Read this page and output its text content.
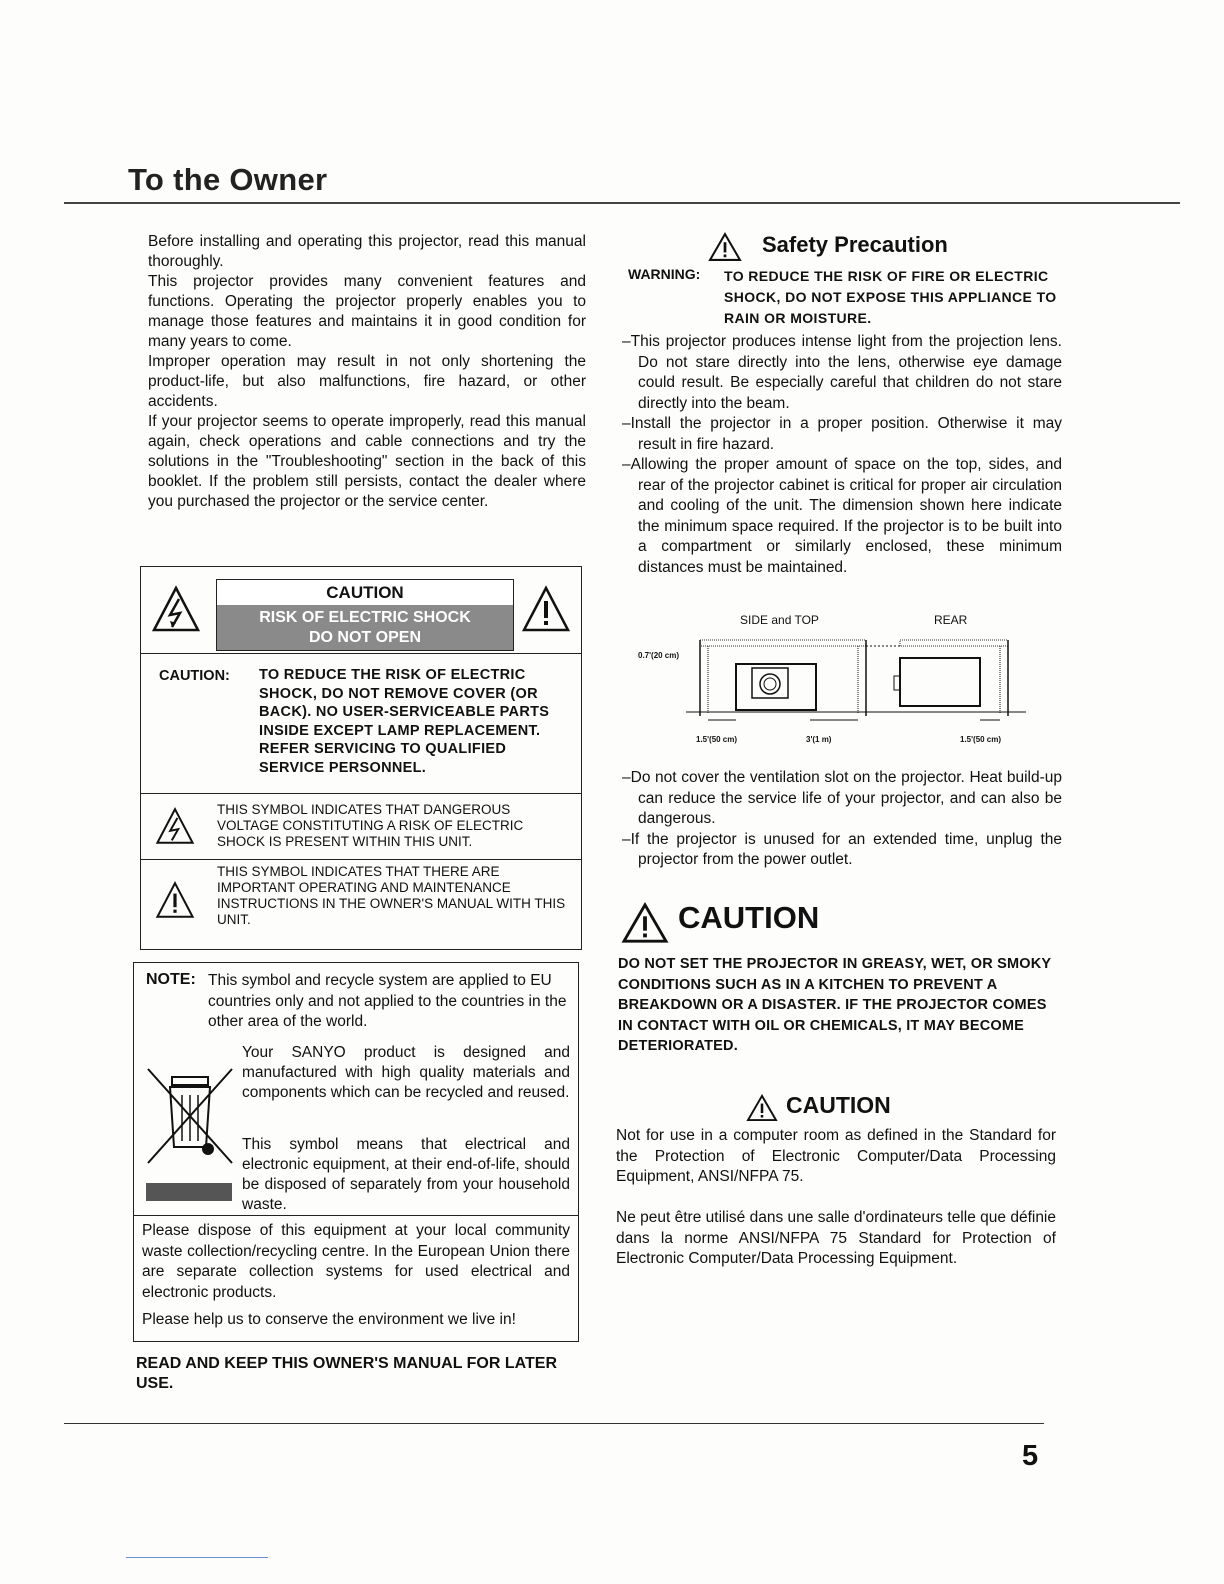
To the Owner

Before installing and operating this projector, read this manual thoroughly.

This projector provides many convenient features and functions. Operating the projector properly enables you to manage those features and maintains it in good condition for many years to come.

Improper operation may result in not only shortening the product-life, but also malfunctions, fire hazard, or other accidents.

If your projector seems to operate improperly, read this manual again, check operations and cable connections and try the solutions in the "Troubleshooting" section in the back of this booklet. If the problem still persists, contact the dealer where you purchased the projector or the service center.

CAUTION
RISK OF ELECTRIC SHOCK
DO NOT OPEN
CAUTION: TO REDUCE THE RISK OF ELECTRIC SHOCK, DO NOT REMOVE COVER (OR BACK). NO USER-SERVICEABLE PARTS INSIDE EXCEPT LAMP REPLACEMENT. REFER SERVICING TO QUALIFIED SERVICE PERSONNEL.
THIS SYMBOL INDICATES THAT DANGEROUS VOLTAGE CONSTITUTING A RISK OF ELECTRIC SHOCK IS PRESENT WITHIN THIS UNIT.
THIS SYMBOL INDICATES THAT THERE ARE IMPORTANT OPERATING AND MAINTENANCE INSTRUCTIONS IN THE OWNER'S MANUAL WITH THIS UNIT.
NOTE: This symbol and recycle system are applied to EU countries only and not applied to the countries in the other area of the world.
Your SANYO product is designed and manufactured with high quality materials and components which can be recycled and reused.
This symbol means that electrical and electronic equipment, at their end-of-life, should be disposed of separately from your household waste.
Please dispose of this equipment at your local community waste collection/recycling centre. In the European Union there are separate collection systems for used electrical and electronic products.
Please help us to conserve the environment we live in!
READ AND KEEP THIS OWNER'S MANUAL FOR LATER USE.
Safety Precaution
WARNING: TO REDUCE THE RISK OF FIRE OR ELECTRIC SHOCK, DO NOT EXPOSE THIS APPLIANCE TO RAIN OR MOISTURE.

–This projector produces intense light from the projection lens. Do not stare directly into the lens, otherwise eye damage could result. Be especially careful that children do not stare directly into the beam.

–Install the projector in a proper position. Otherwise it may result in fire hazard.

–Allowing the proper amount of space on the top, sides, and rear of the projector cabinet is critical for proper air circulation and cooling of the unit. The dimension shown here indicate the minimum space required. If the projector is to be built into a compartment or similarly enclosed, these minimum distances must be maintained.

SIDE and TOP	REAR
0.7'(20 cm)
1.5'(50 cm)	3'(1 m)	1.5'(50 cm)

–Do not cover the ventilation slot on the projector. Heat build-up can reduce the service life of your projector, and can also be dangerous.

–If the projector is unused for an extended time, unplug the projector from the power outlet.

CAUTION
DO NOT SET THE PROJECTOR IN GREASY, WET, OR SMOKY CONDITIONS SUCH AS IN A KITCHEN TO PREVENT A BREAKDOWN OR A DISASTER. IF THE PROJECTOR COMES IN CONTACT WITH OIL OR CHEMICALS, IT MAY BECOME DETERIORATED.
CAUTION
Not for use in a computer room as defined in the Standard for the Protection of Electronic Computer/Data Processing Equipment, ANSI/NFPA 75.
Ne peut être utilisé dans une salle d'ordinateurs telle que définie dans la norme ANSI/NFPA 75 Standard for Protection of Electronic Computer/Data Processing Equipment.
5
